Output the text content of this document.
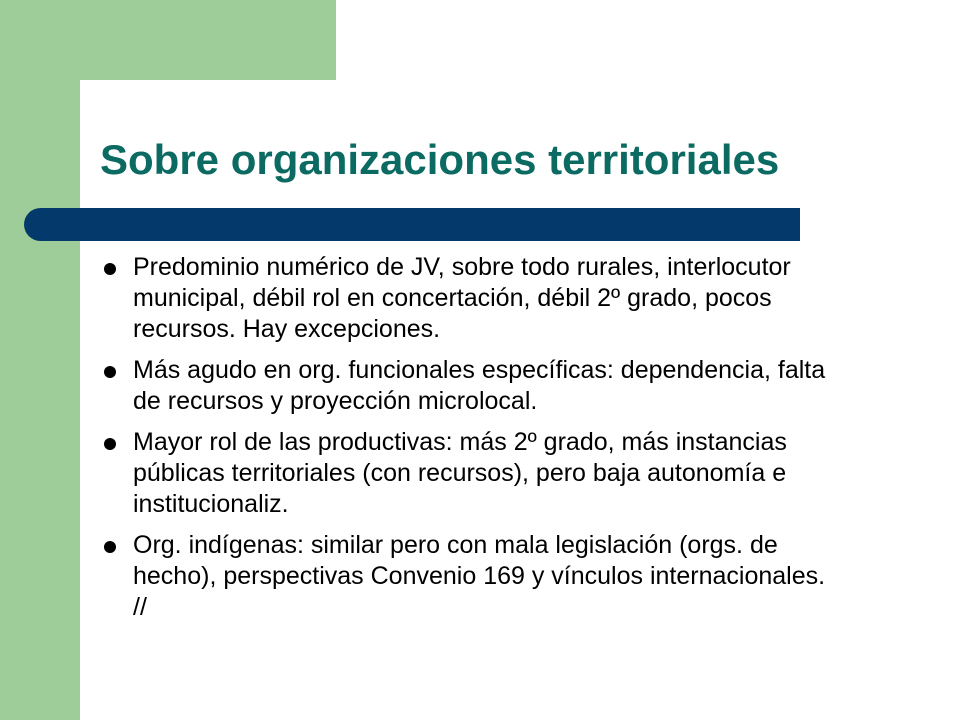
Sobre organizaciones territoriales
Predominio numérico de JV, sobre todo rurales, interlocutor municipal, débil rol en concertación, débil 2º grado, pocos recursos. Hay excepciones.
Más agudo en org. funcionales específicas: dependencia, falta de recursos y proyección microlocal.
Mayor rol de las productivas: más 2º grado, más instancias públicas territoriales (con recursos), pero baja autonomía e institucionaliz.
Org. indígenas: similar pero con mala legislación (orgs. de hecho), perspectivas Convenio 169 y vínculos internacionales. //
